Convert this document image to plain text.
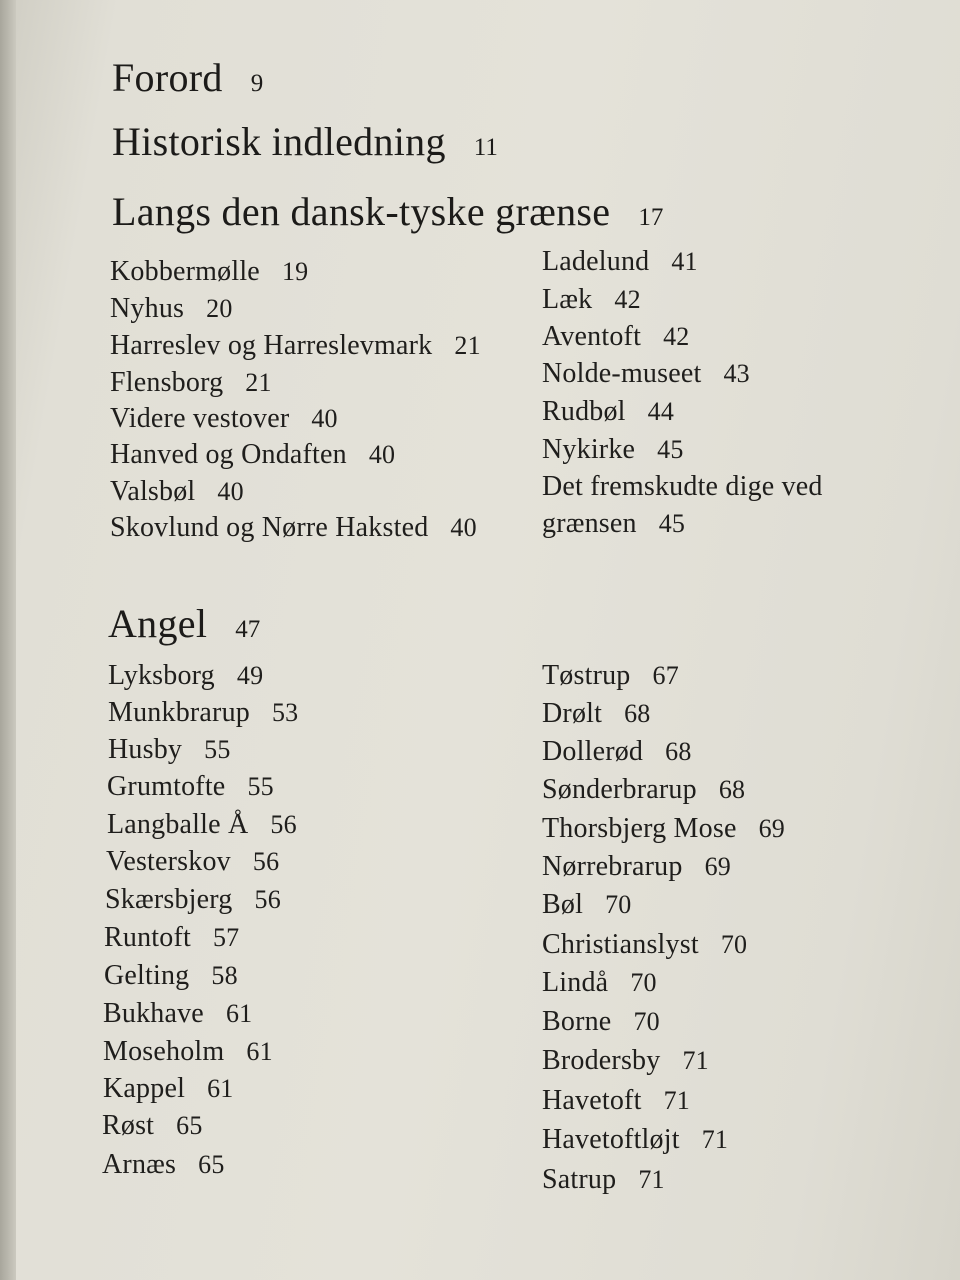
Forord 9
Historisk indledning 11
Langs den dansk-tyske grænse 17
Kobbermølle 19
Nyhus 20
Harreslev og Harreslevmark 21
Flensborg 21
Videre vestover 40
Hanved og Ondaften 40
Valsbøl 40
Skovlund og Nørre Haksted 40
Ladelund 41
Læk 42
Aventoft 42
Nolde-museet 43
Rudbøl 44
Nykirke 45
Det fremskudte dige ved
grænsen 45
Angel 47
Lyksborg 49
Munkbrarup 53
Husby 55
Grumtofte 55
Langballe Å 56
Vesterskov 56
Skærsbjerg 56
Runtoft 57
Gelting 58
Bukhave 61
Moseholm 61
Kappel 61
Røst 65
Arnæs 65
Tøstrup 67
Drølt 68
Dollerød 68
Sønderbrarup 68
Thorsbjerg Mose 69
Nørrebrarup 69
Bøl 70
Christianslyst 70
Lindå 70
Borne 70
Brodersby 71
Havetoft 71
Havetoftløjt 71
Satrup 71
